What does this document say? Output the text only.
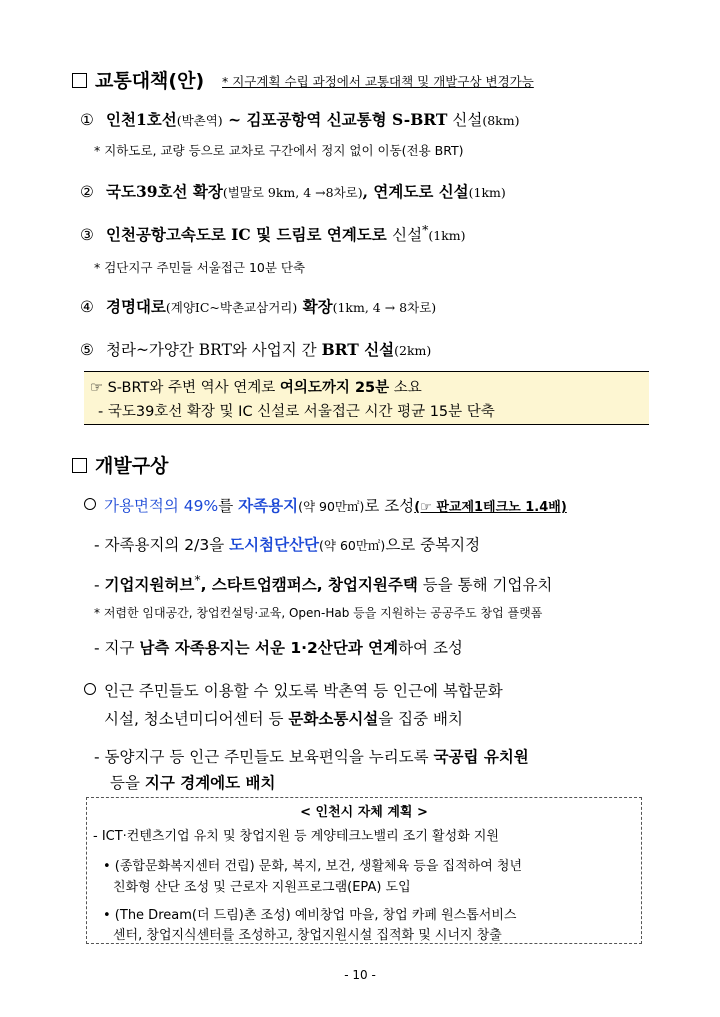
교통대책(안) * 지구계획 수립 과정에서 교통대책 및 개발구상 변경가능
① 인천1호선(박촌역) ~ 김포공항역 신교통형 S-BRT 신설(8km)
* 지하도로, 교량 등으로 교차로 구간에서 정지 없이 이동(전용 BRT)
② 국도39호선 확장(벌말로 9km, 4 →8차로), 연계도로 신설(1km)
③ 인천공항고속도로 IC 및 드림로 연계도로 신설*(1km)
* 검단지구 주민들 서울접근 10분 단축
④ 경명대로(계양IC~박촌교삼거리) 확장(1km, 4 → 8차로)
⑤ 청라~가양간 BRT와 사업지 간 BRT 신설(2km)
☞ S-BRT와 주변 역사 연계로 여의도까지 25분 소요
- 국도39호선 확장 및 IC 신설로 서울접근 시간 평균 15분 단축
개발구상
가용면적의 49%를 자족용지(약 90만㎡)로 조성(☞ 판교제1테크노 1.4배)
- 자족용지의 2/3을 도시첨단산단(약 60만㎡)으로 중복지정
- 기업지원허브*, 스타트업캠퍼스, 창업지원주택 등을 통해 기업유치
* 저렴한 임대공간, 창업컨설팅·교육, Open-Hab 등을 지원하는 공공주도 창업 플랫폼
- 지구 남측 자족용지는 서운 1·2산단과 연계하여 조성
인근 주민들도 이용할 수 있도록 박촌역 등 인근에 복합문화
시설, 청소년미디어센터 등 문화소통시설을 집중 배치
- 동양지구 등 인근 주민들도 보육편익을 누리도록 국공립 유치원
등을 지구 경계에도 배치
< 인천시 자체 계획 >
- ICT·컨텐츠기업 유치 및 창업지원 등 계양테크노밸리 조기 활성화 지원
• (종합문화복지센터 건립) 문화, 복지, 보건, 생활체육 등을 집적하여 청년
친화형 산단 조성 및 근로자 지원프로그램(EPA) 도입
• (The Dream(더 드림)촌 조성) 예비창업 마을, 창업 카페 원스톱서비스
센터, 창업지식센터를 조성하고, 창업지원시설 집적화 및 시너지 창출
- 10 -
